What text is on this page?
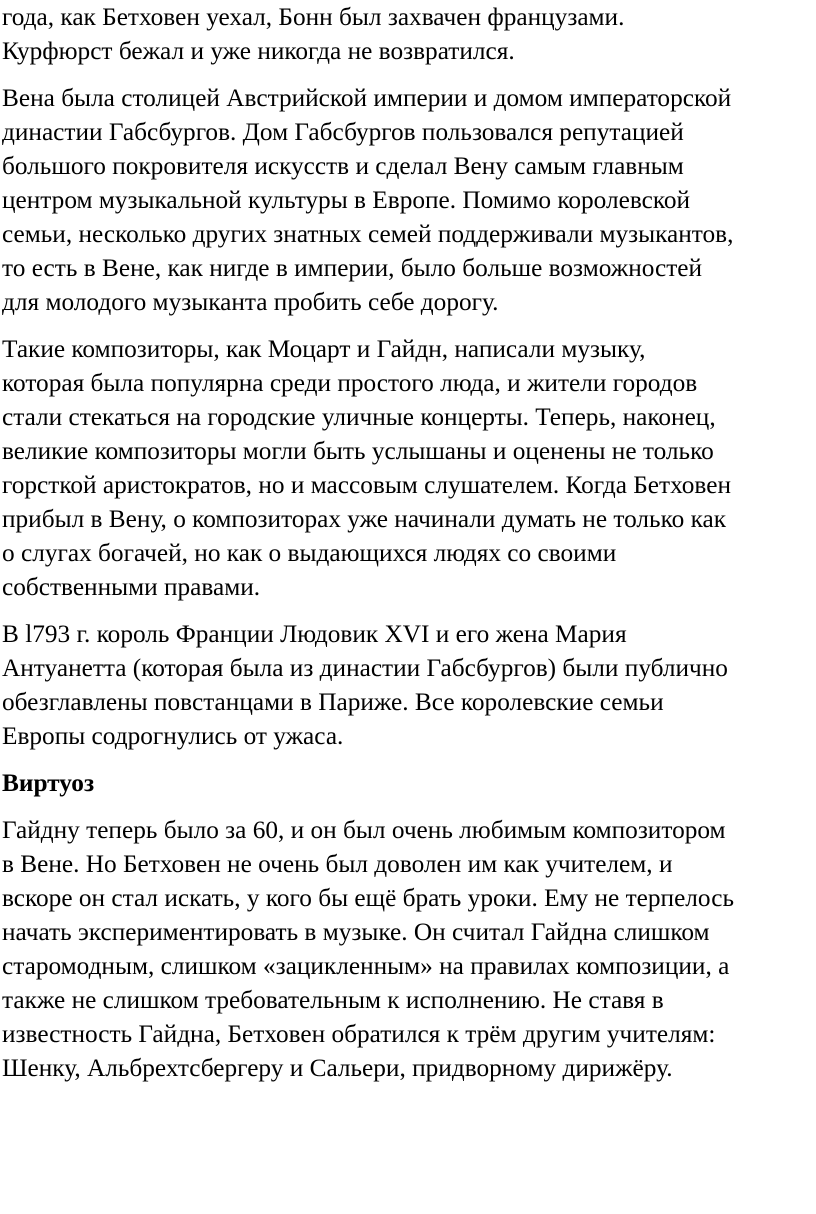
года, как Бетховен уехал, Бонн был захвачен французами.
Курфюрст бежал и уже никогда не возвратился.

Вена была столицей Австрийской империи и домом императорской
династии Габсбургов. Дом Габсбургов пользовался репутацией
большого покровителя искусств и сделал Вену самым главным
центром музыкальной культуры в Европе. Помимо королевской
семьи, несколько других знатных семей поддерживали музыкантов,
то есть в Вене, как нигде в империи, было больше возможностей
для молодого музыканта пробить себе дорогу.

Такие композиторы, как Моцарт и Гайдн, написали музыку,
которая была популярна среди простого люда, и жители городов
стали стекаться на городские уличные концерты. Теперь, наконец,
великие композиторы могли быть услышаны и оценены не только
горсткой аристократов, но и массовым слушателем. Когда Бетховен
прибыл в Вену, о композиторах уже начинали думать не только как
о слугах богачей, но как о выдающихся людях со своими
собственными правами.

В l793 г. король Франции Людовик XVI и его жена Мария
Антуанетта (которая была из династии Габсбургов) были публично
обезглавлены повстанцами в Париже. Все королевские семьи
Европы содрогнулись от ужаса.

Виртуоз

Гайдну теперь было за 60, и он был очень любимым композитором
в Вене. Но Бетховен не очень был доволен им как учителем, и
вскоре он стал искать, у кого бы ещё брать уроки. Ему не терпелось
начать экспериментировать в музыке. Он считал Гайдна слишком
старомодным, слишком «зацикленным» на правилах композиции, а
также не слишком требовательным к исполнению. Не ставя в
известность Гайдна, Бетховен обратился к трём другим учителям:
Шенку, Альбрехтсбергеру и Сальери, придворному дирижёру.
